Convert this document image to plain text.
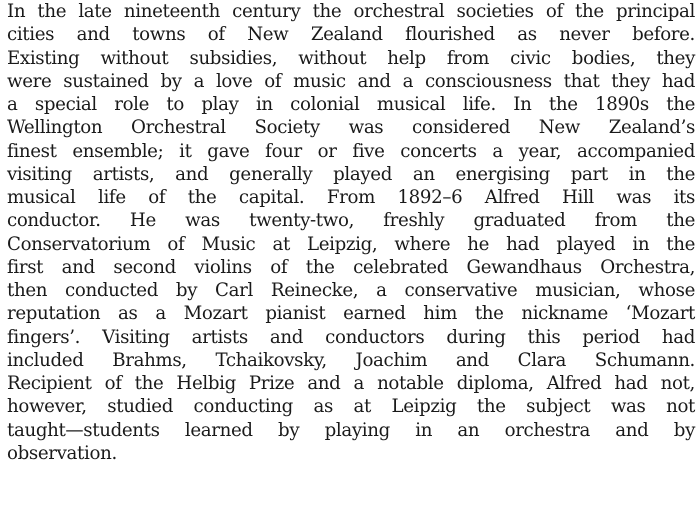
In the late nineteenth century the orchestral societies of the principal
cities and towns of New Zealand flourished as never before.
Existing without subsidies, without help from civic bodies, they
were sustained by a love of music and a consciousness that they had
a special role to play in colonial musical life. In the 1890s the
Wellington Orchestral Society was considered New Zealand’s
finest ensemble; it gave four or five concerts a year, accompanied
visiting artists, and generally played an energising part in the
musical life of the capital. From 1892–6 Alfred Hill was its
conductor. He was twenty-two, freshly graduated from the
Conservatorium of Music at Leipzig, where he had played in the
first and second violins of the celebrated Gewandhaus Orchestra,
then conducted by Carl Reinecke, a conservative musician, whose
reputation as a Mozart pianist earned him the nickname ‘Mozart
fingers’. Visiting artists and conductors during this period had
included Brahms, Tchaikovsky, Joachim and Clara Schumann.
Recipient of the Helbig Prize and a notable diploma, Alfred had not,
however, studied conducting as at Leipzig the subject was not
taught—students learned by playing in an orchestra and by
observation.
